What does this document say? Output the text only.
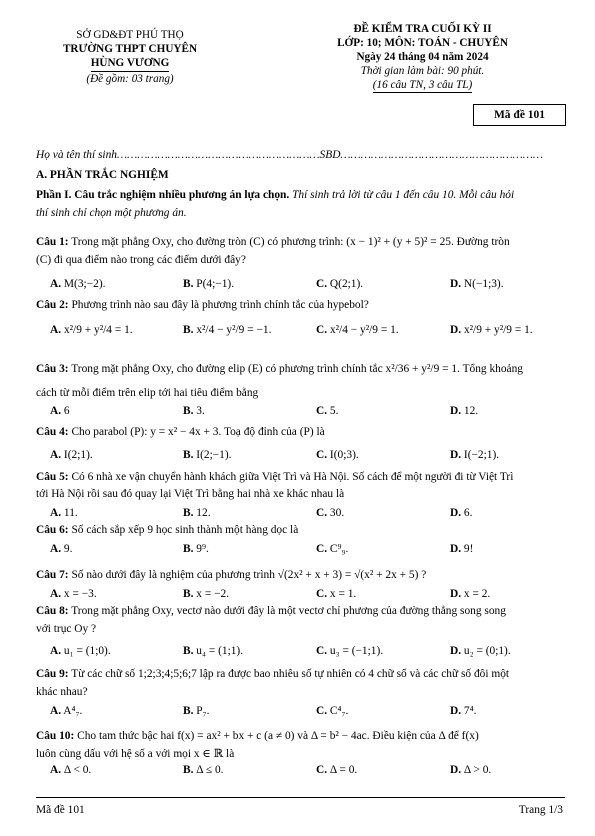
SỞ GD&ĐT PHÚ THỌ
TRƯỜNG THPT CHUYÊN
HÙNG VƯƠNG
(Đề gồm: 03 trang)
ĐỀ KIỂM TRA CUỐI KỲ II
LỚP: 10; MÔN: TOÁN - CHUYÊN
Ngày 24 tháng 04 năm 2024
Thời gian làm bài: 90 phút.
(16 câu TN, 3 câu TL)
Mã đề 101
Họ và tên thí sinh……………………………………………………SBD……………………………………………………
A. PHẦN TRẮC NGHIỆM
Phần I. Câu trắc nghiệm nhiều phương án lựa chọn. Thí sinh trả lời từ câu 1 đến câu 10. Mỗi câu hỏi
thí sinh chỉ chọn một phương án.
Câu 1: Trong mặt phẳng Oxy, cho đường tròn (C) có phương trình: (x − 1)² + (y + 5)² = 25. Đường tròn
(C) đi qua điểm nào trong các điểm dưới đây?
A. M(3;−2).	B. P(4;−1).	C. Q(2;1).	D. N(−1;3).
Câu 2: Phương trình nào sau đây là phương trình chính tắc của hypebol?
A. x²/9 + y²/4 = 1.	B. x²/4 − y²/9 = −1.	C. x²/4 − y²/9 = 1.	D. x²/9 + y²/9 = 1.
Câu 3: Trong mặt phẳng Oxy, cho đường elip (E) có phương trình chính tắc x²/36 + y²/9 = 1. Tổng khoảng
cách từ mỗi điểm trên elip tới hai tiêu điểm bằng
A. 6	B. 3.	C. 5.	D. 12.
Câu 4: Cho parabol (P): y = x² − 4x + 3. Toạ độ đỉnh của (P) là
A. I(2;1).	B. I(2;−1).	C. I(0;3).	D. I(−2;1).
Câu 5: Có 6 nhà xe vận chuyển hành khách giữa Việt Trì và Hà Nội. Số cách để một người đi từ Việt Trì
tới Hà Nội rồi sau đó quay lại Việt Trì bằng hai nhà xe khác nhau là
A. 11.	B. 12.	C. 30.	D. 6.
Câu 6: Số cách sắp xếp 9 học sinh thành một hàng dọc là
A. 9.	B. 9⁹.	C. C⁹₉.	D. 9!
Câu 7: Số nào dưới đây là nghiệm của phương trình √(2x² + x + 3) = √(x² + 2x + 5) ?
A. x = −3.	B. x = −2.	C. x = 1.	D. x = 2.
Câu 8: Trong mặt phẳng Oxy, vectơ nào dưới đây là một vectơ chỉ phương của đường thẳng song song
với trục Oy ?
A. u₁ = (1;0).	B. u₄ = (1;1).	C. u₃ = (−1;1).	D. u₂ = (0;1).
Câu 9: Từ các chữ số 1;2;3;4;5;6;7 lập ra được bao nhiêu số tự nhiên có 4 chữ số và các chữ số đôi một
khác nhau?
A. A⁴₇.	B. P₇.	C. C⁴₇.	D. 7⁴.
Câu 10: Cho tam thức bậc hai f(x) = ax² + bx + c (a ≠ 0) và Δ = b² − 4ac. Điều kiện của Δ để f(x)
luôn cùng dấu với hệ số a với mọi x ∈ ℝ là
A. Δ < 0.	B. Δ ≤ 0.	C. Δ = 0.	D. Δ > 0.
Mã đề 101	Trang 1/3
